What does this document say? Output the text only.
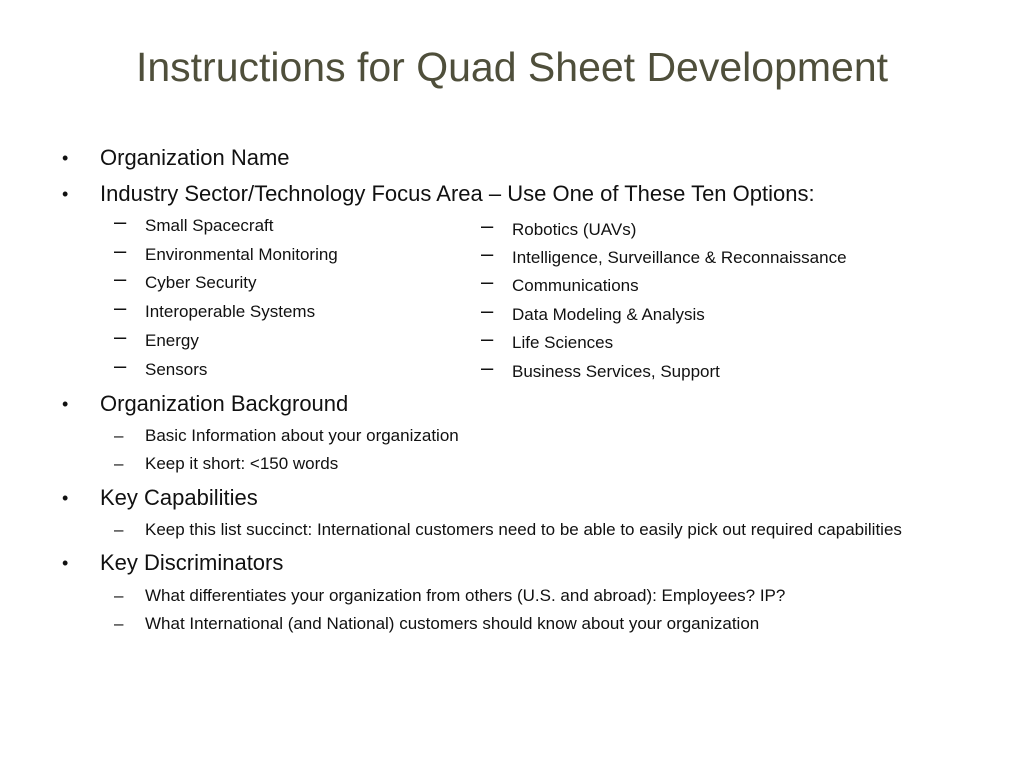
Instructions for Quad Sheet Development
•	Organization Name
•	Industry Sector/Technology Focus Area – Use One of These Ten Options:
– Small Spacecraft
– Environmental Monitoring
– Cyber Security
– Interoperable Systems
– Energy
– Sensors
– Robotics (UAVs)
– Intelligence, Surveillance & Reconnaissance
– Communications
– Data Modeling & Analysis
– Life Sciences
– Business Services, Support
•	Organization Background
– Basic Information about your organization
– Keep it short: <150 words
•	Key Capabilities
– Keep this list succinct: International customers need to be able to easily pick out required capabilities
•	Key Discriminators
– What differentiates your organization from others (U.S. and abroad): Employees? IP?
– What International (and National) customers should know about your organization
